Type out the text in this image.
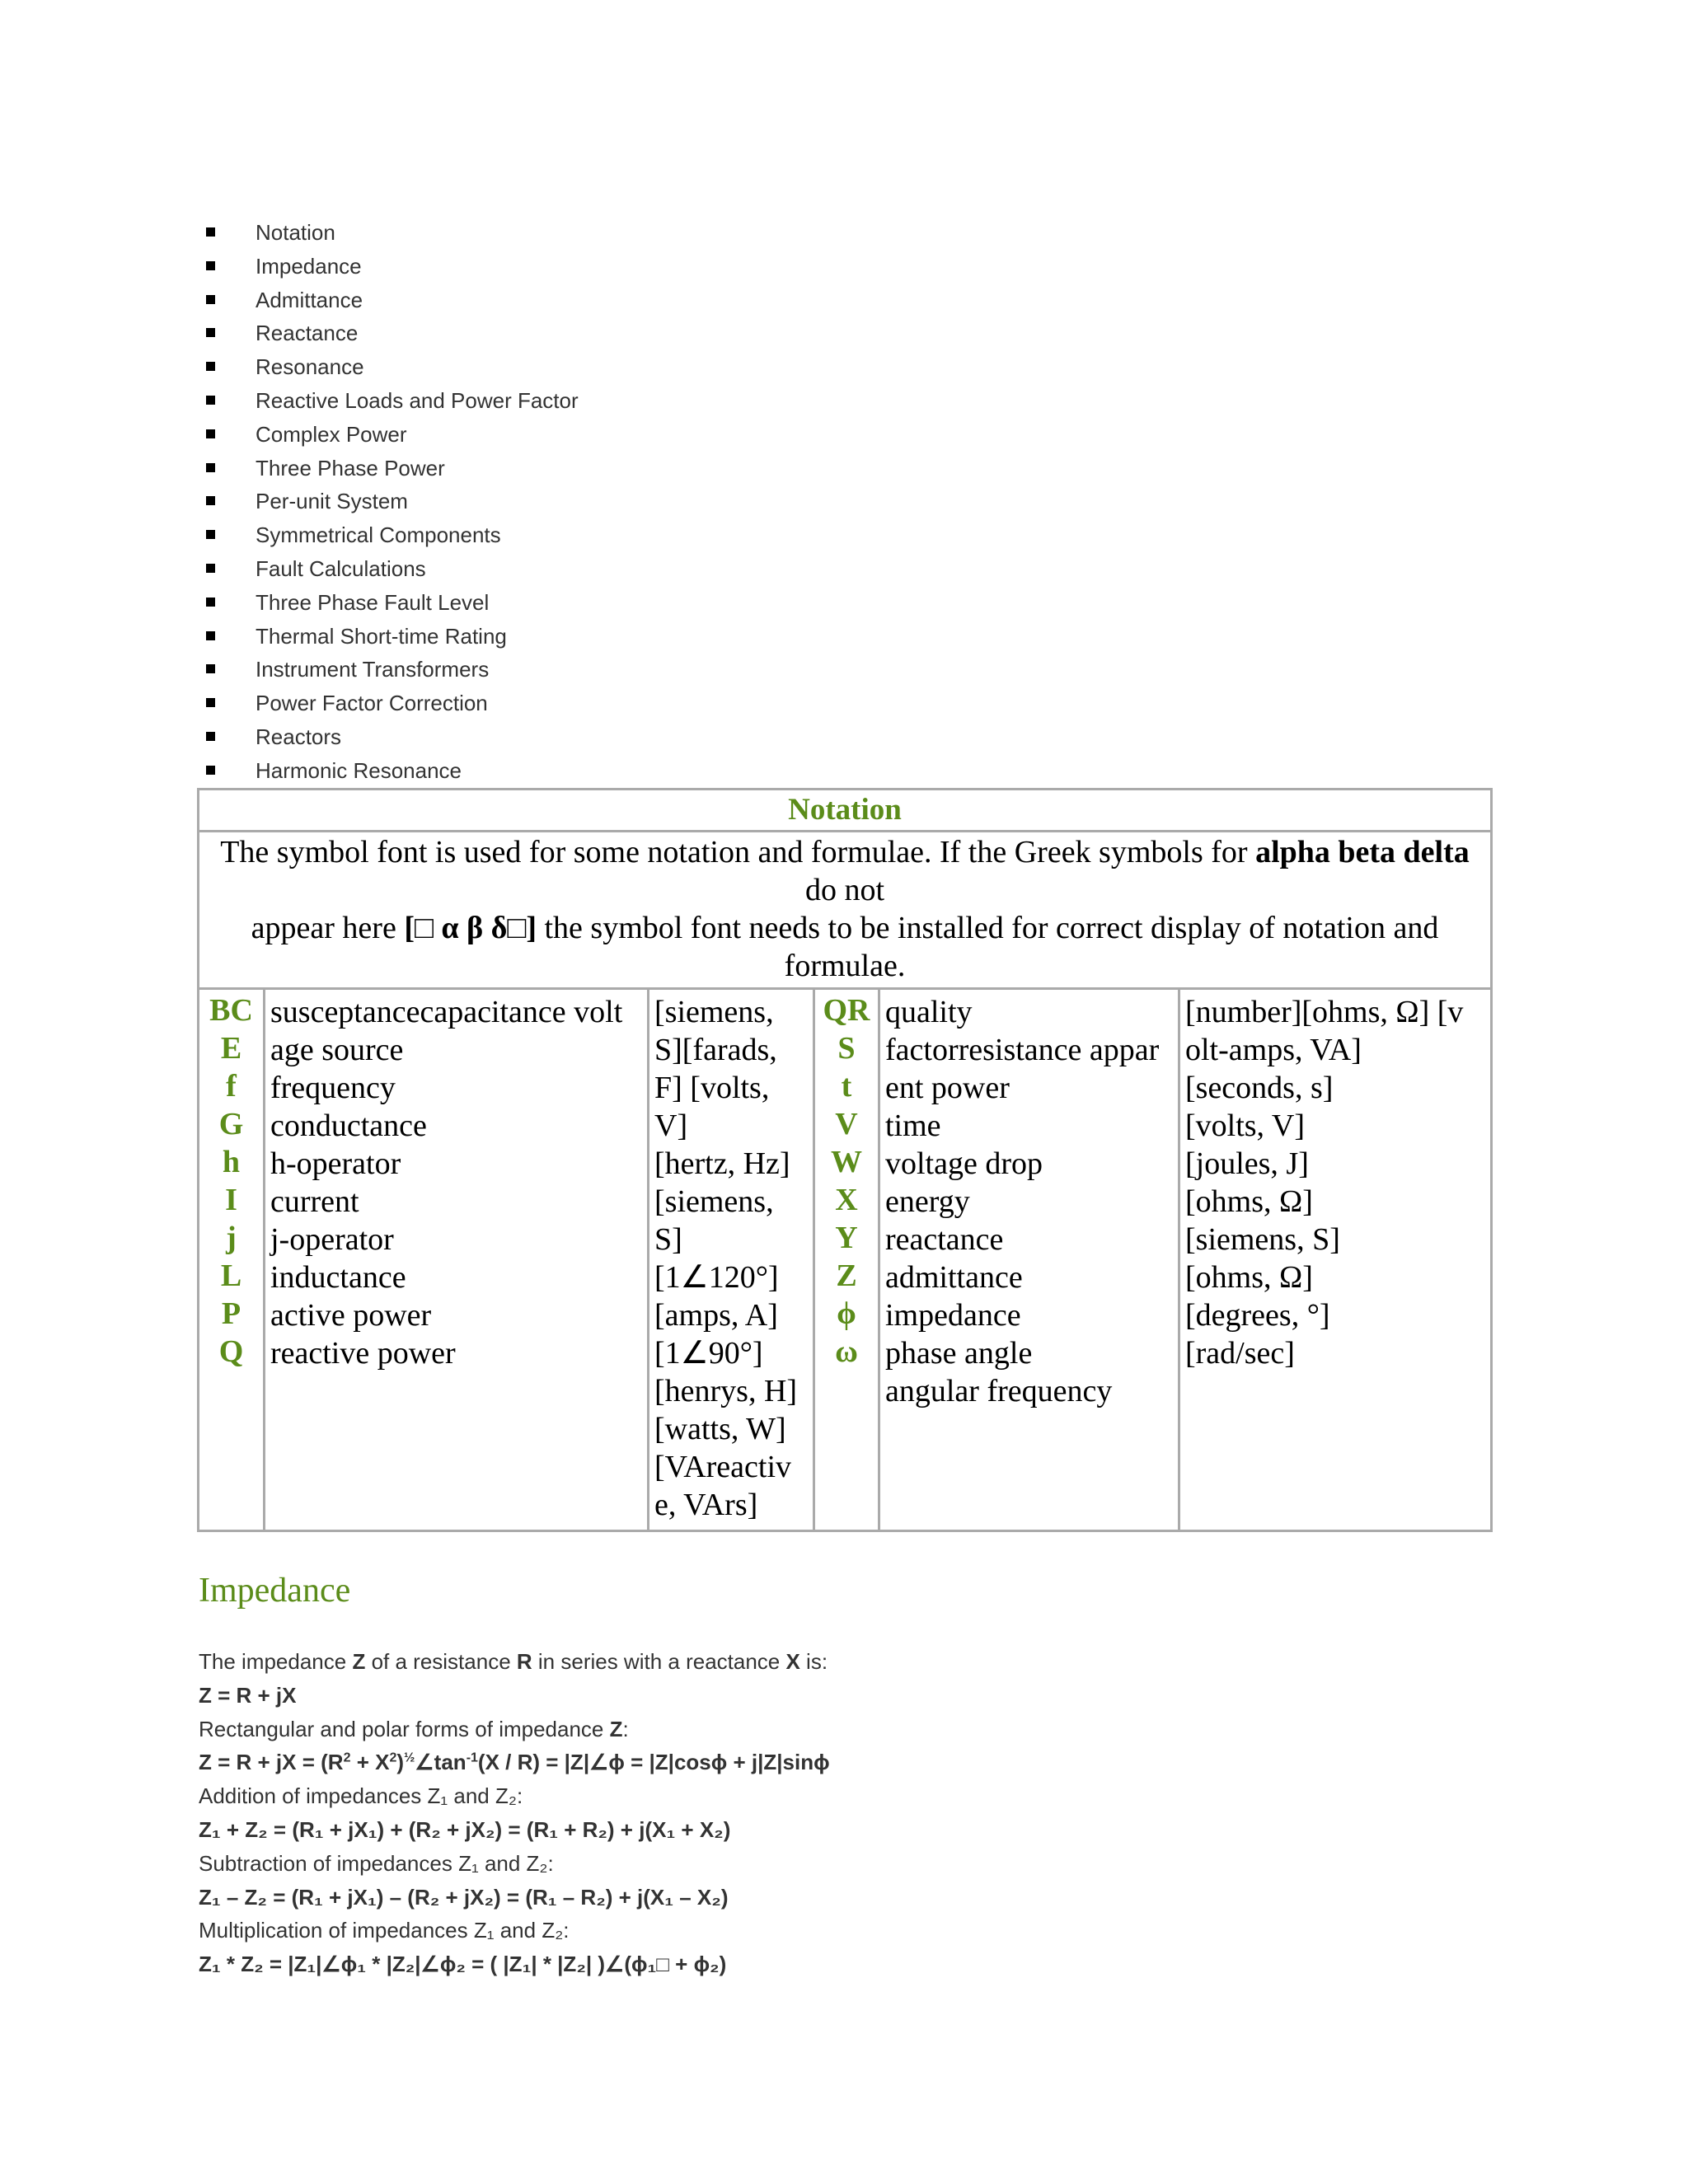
Notation
Impedance
Admittance
Reactance
Resonance
Reactive Loads and Power Factor
Complex Power
Three Phase Power
Per-unit System
Symmetrical Components
Fault Calculations
Three Phase Fault Level
Thermal Short-time Rating
Instrument Transformers
Power Factor Correction
Reactors
Harmonic Resonance
Notation
The symbol font is used for some notation and formulae. If the Greek symbols for alpha beta delta do not
appear here [□ α β δ□] the symbol font needs to be installed for correct display of notation and formulae.
BC
E
f
G
h
I
j
L
P
Q
susceptancecapacitance volt
age source
frequency
conductance
h-operator
current
j-operator
inductance
active power
reactive power
[siemens,
S][farads,
F] [volts,
V]
[hertz, Hz]
[siemens,
S]
[1∠120°]
[amps, A]
[1∠90°]
[henrys, H]
[watts, W]
[VAreactiv
e, VArs]
QR
S
t
V
W
X
Y
Z
ϕ
ω
quality
factorresistance appar
ent power
time
voltage drop
energy
reactance
admittance
impedance
phase angle
angular frequency
[number][ohms, Ω] [v
olt-amps, VA]
[seconds, s]
[volts, V]
[joules, J]
[ohms, Ω]
[siemens, S]
[ohms, Ω]
[degrees, °]
[rad/sec]
Impedance
The impedance Z of a resistance R in series with a reactance X is:
Z = R + jX
Rectangular and polar forms of impedance Z:
Z = R + jX = ($R^2$ + $X^2)^{\frac{1}{2}}\angle\tan^{-1}(X / R)$ = |Z|∠ϕ = |Z|cosϕ + j|Z|sinϕ
Addition of impedances Z₁ and Z₂:
Z₁ + Z₂ = (R₁ + jX₁) + (R₂ + jX₂) = (R₁ + R₂) + j(X₁ + X₂)
Subtraction of impedances Z₁ and Z₂:
Z₁ – Z₂ = (R₁ + jX₁) – (R₂ + jX₂) = (R₁ – R₂) + j(X₁ – X₂)
Multiplication of impedances Z₁ and Z₂:
Z₁ * Z₂ = |Z₁|∠ϕ₁ * |Z₂|∠ϕ₂ = ( |Z₁| * |Z₂| )∠(ϕ₁□ + ϕ₂)
